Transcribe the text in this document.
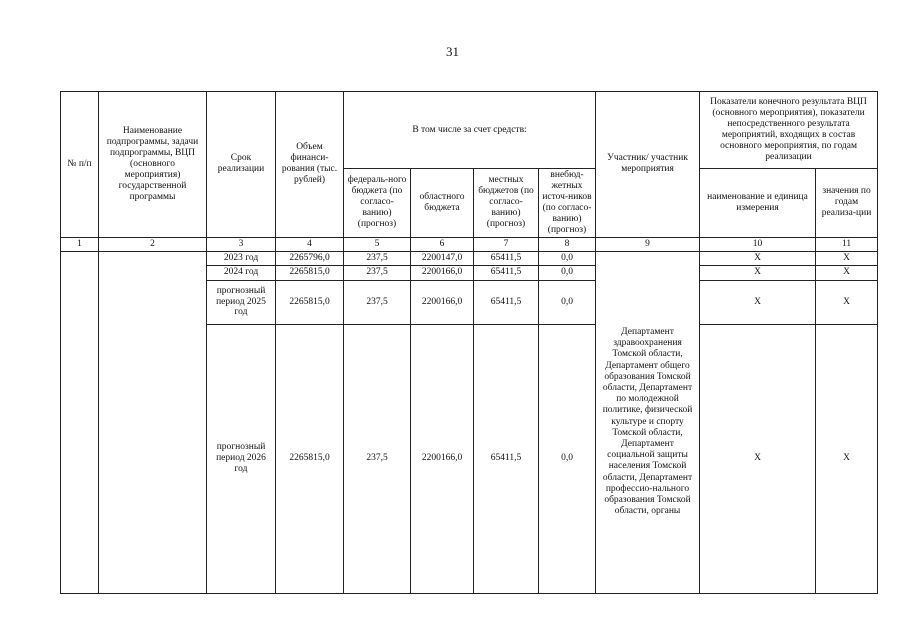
31
№ п/п	Наименование подпрограммы, задачи подпрограммы, ВЦП (основного мероприятия) государственной программы	Срок реализации	Объем финанси-рования (тыс. рублей)	В том числе за счет средств:				Участник/ участник мероприятия	Показатели конечного результата ВЦП (основного мероприятия), показатели непосредственного результата мероприятий, входящих в состав основного мероприятия, по годам реализации	
				федераль-ного бюджета (по согласо-ванию) (прогноз)	областного бюджета	местных бюджетов (по согласо-ванию) (прогноз)	внебюд-жетных источ-ников (по согласо-ванию) (прогноз)		наименование и единица измерения	значения по годам реализа-ции
1	2	3	4	5	6	7	8	9	10	11
		2023 год	2265796,0	237,5	2200147,0	65411,5	0,0	Департамент здравоохранения Томской области, Департамент общего образования Томской области, Департамент по молодежной политике, физической культуре и спорту Томской области, Департамент социальной защиты населения Томской области, Департамент профессио-нального образования Томской области, органы	Х	Х
		2024 год	2265815,0	237,5	2200166,0	65411,5	0,0		Х	Х
		прогнозный период 2025 год	2265815,0	237,5	2200166,0	65411,5	0,0		Х	Х
		прогнозный период 2026 год	2265815,0	237,5	2200166,0	65411,5	0,0		Х	Х
